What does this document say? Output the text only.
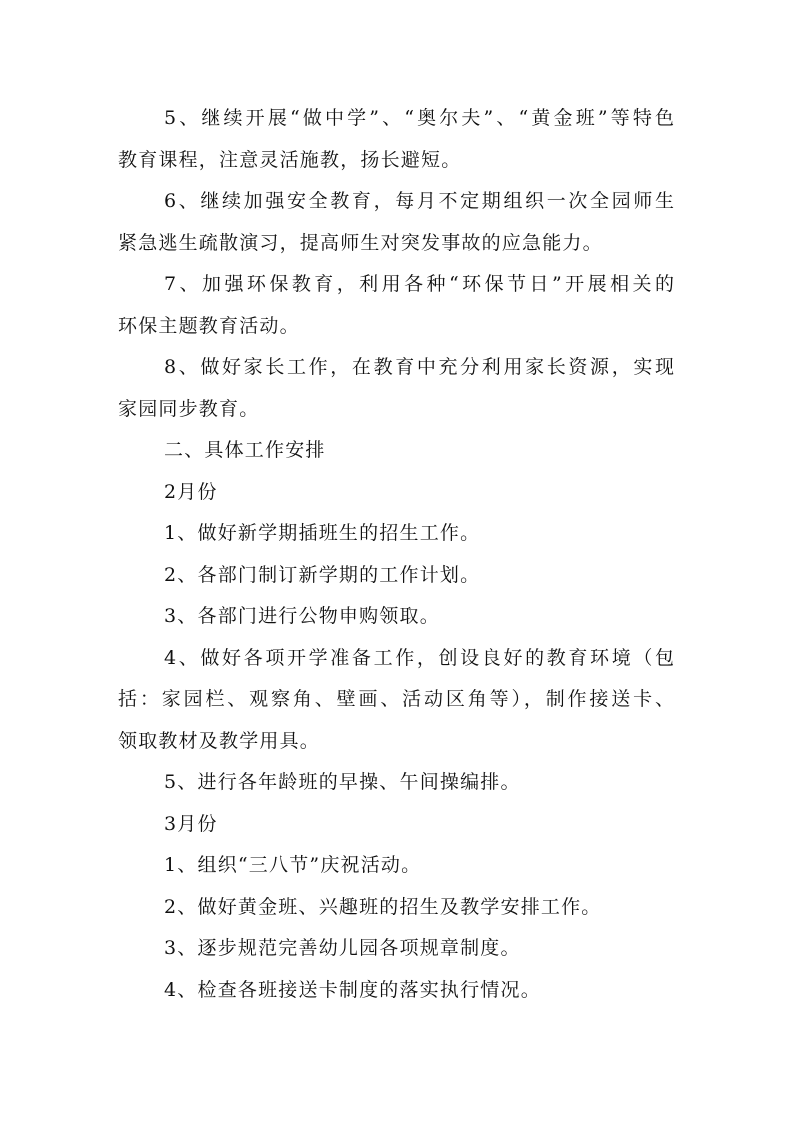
5、继续开展“做中学”、“奥尔夫”、“黄金班”等特色
教育课程，注意灵活施教，扬长避短。
6、继续加强安全教育，每月不定期组织一次全园师生
紧急逃生疏散演习，提高师生对突发事故的应急能力。
7、加强环保教育，利用各种“环保节日”开展相关的
环保主题教育活动。
8、做好家长工作，在教育中充分利用家长资源，实现
家园同步教育。
二、具体工作安排
2月份
1、做好新学期插班生的招生工作。
2、各部门制订新学期的工作计划。
3、各部门进行公物申购领取。
4、做好各项开学准备工作，创设良好的教育环境（包
括：家园栏、观察角、壁画、活动区角等），制作接送卡、
领取教材及教学用具。
5、进行各年龄班的早操、午间操编排。
3月份
1、组织“三八节”庆祝活动。
2、做好黄金班、兴趣班的招生及教学安排工作。
3、逐步规范完善幼儿园各项规章制度。
4、检查各班接送卡制度的落实执行情况。
